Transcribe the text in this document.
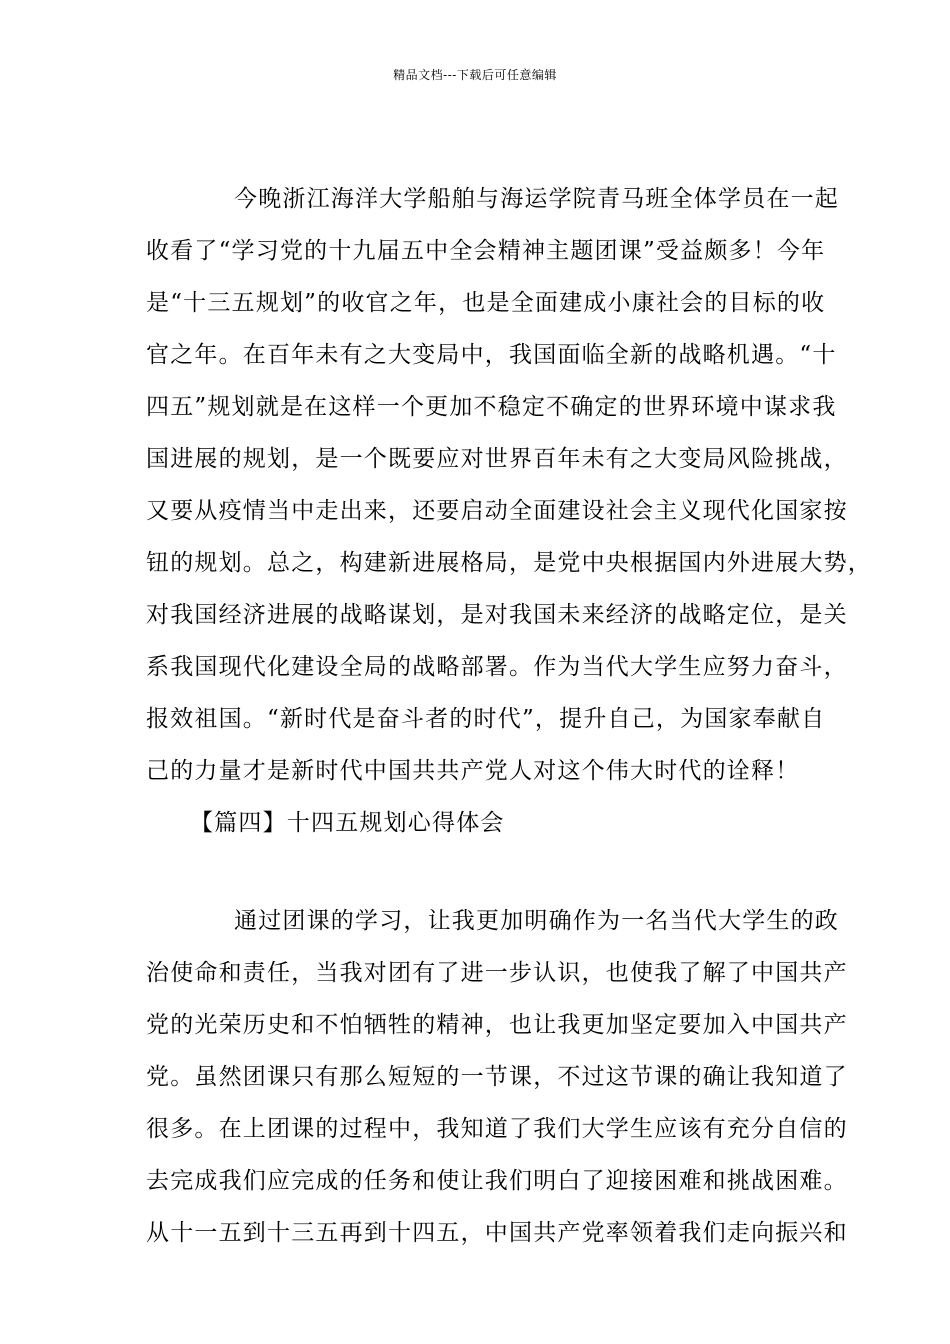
精品文档---下载后可任意编辑
今晚浙江海洋大学船舶与海运学院青马班全体学员在一起
收看了“学习党的十九届五中全会精神主题团课”受益颇多！今年
是“十三五规划”的收官之年，也是全面建成小康社会的目标的收
官之年。在百年未有之大变局中，我国面临全新的战略机遇。“十
四五”规划就是在这样一个更加不稳定不确定的世界环境中谋求我
国进展的规划，是一个既要应对世界百年未有之大变局风险挑战，
又要从疫情当中走出来，还要启动全面建设社会主义现代化国家按
钮的规划。总之，构建新进展格局，是党中央根据国内外进展大势，
对我国经济进展的战略谋划，是对我国未来经济的战略定位，是关
系我国现代化建设全局的战略部署。作为当代大学生应努力奋斗，
报效祖国。“新时代是奋斗者的时代”，提升自己，为国家奉献自
己的力量才是新时代中国共共产党人对这个伟大时代的诠释！
【篇四】十四五规划心得体会
通过团课的学习，让我更加明确作为一名当代大学生的政
治使命和责任，当我对团有了进一步认识，也使我了解了中国共产
党的光荣历史和不怕牺牲的精神，也让我更加坚定要加入中国共产
党。虽然团课只有那么短短的一节课，不过这节课的确让我知道了
很多。在上团课的过程中，我知道了我们大学生应该有充分自信的
去完成我们应完成的任务和使让我们明白了迎接困难和挑战困难。
从十一五到十三五再到十四五，中国共产党率领着我们走向振兴和
